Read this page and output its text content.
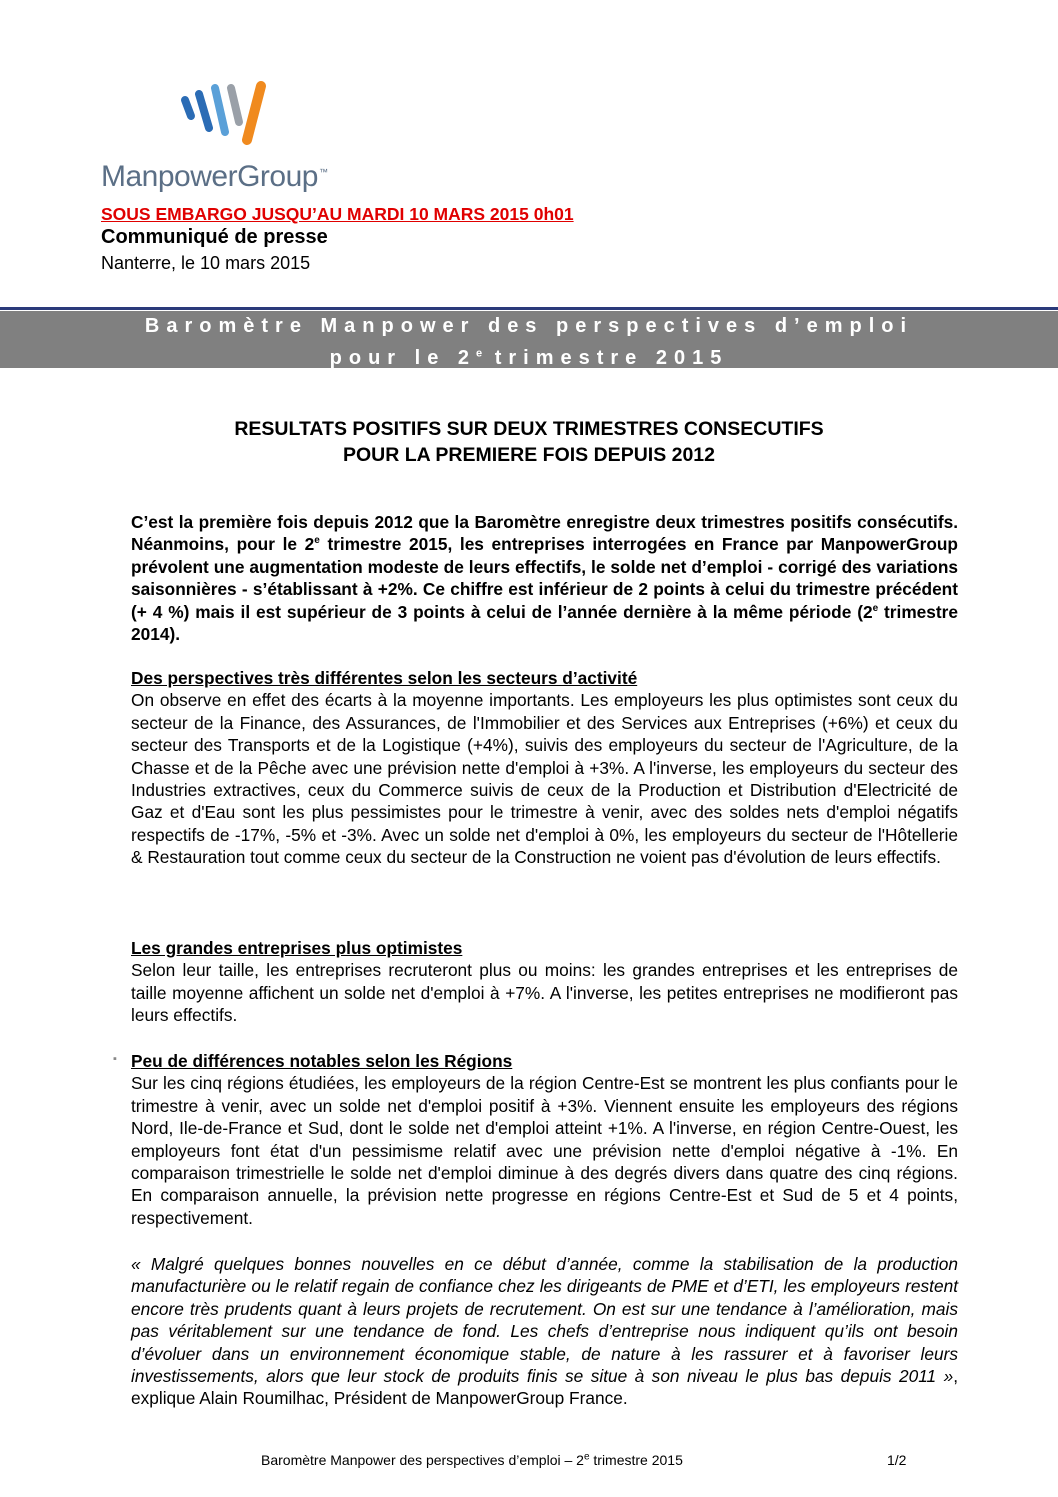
ManpowerGroup™
SOUS EMBARGO JUSQU’AU MARDI 10 MARS 2015 0h01
Communiqué de presse
Nanterre, le 10 mars 2015
Baromètre Manpower des perspectives d’emploi
pour le 2e trimestre 2015
RESULTATS POSITIFS SUR DEUX TRIMESTRES CONSECUTIFS
POUR LA PREMIERE FOIS DEPUIS 2012
C’est la première fois depuis 2012 que la Baromètre enregistre deux trimestres positifs consécutifs. Néanmoins, pour le 2e trimestre 2015, les entreprises interrogées en France par ManpowerGroup prévolent une augmentation modeste de leurs effectifs, le solde net d’emploi - corrigé des variations saisonnières - s’établissant à +2%. Ce chiffre est inférieur de 2 points à celui du trimestre précédent (+ 4 %) mais il est supérieur de 3 points à celui de l’année dernière à la même période (2e trimestre 2014).
Des perspectives très différentes selon les secteurs d’activité
On observe en effet des écarts à la moyenne importants. Les employeurs les plus optimistes sont ceux du secteur de la Finance, des Assurances, de l'Immobilier et des Services aux Entreprises (+6%) et ceux du secteur des Transports et de la Logistique (+4%), suivis des employeurs du secteur de l'Agriculture, de la Chasse et de la Pêche avec une prévision nette d'emploi à +3%. A l'inverse, les employeurs du secteur des Industries extractives, ceux du Commerce suivis de ceux de la Production et Distribution d'Electricité de Gaz et d'Eau sont les plus pessimistes pour le trimestre à venir, avec des soldes nets d'emploi négatifs respectifs de -17%, -5% et -3%. Avec un solde net d'emploi à 0%, les employeurs du secteur de l'Hôtellerie & Restauration tout comme ceux du secteur de la Construction ne voient pas d'évolution de leurs effectifs.
Les grandes entreprises plus optimistes
Selon leur taille, les entreprises recruteront plus ou moins: les grandes entreprises et les entreprises de taille moyenne affichent un solde net d'emploi à +7%. A l'inverse, les petites entreprises ne modifieront pas leurs effectifs.
▪ Peu de différences notables selon les Régions
Sur les cinq régions étudiées, les employeurs de la région Centre-Est se montrent les plus confiants pour le trimestre à venir, avec un solde net d'emploi positif à +3%. Viennent ensuite les employeurs des régions Nord, Ile-de-France et Sud, dont le solde net d'emploi atteint +1%. A l'inverse, en région Centre-Ouest, les employeurs font état d'un pessimisme relatif avec une prévision nette d'emploi négative à -1%. En comparaison trimestrielle le solde net d'emploi diminue à des degrés divers dans quatre des cinq régions. En comparaison annuelle, la prévision nette progresse en régions Centre-Est et Sud de 5 et 4 points, respectivement.
« Malgré quelques bonnes nouvelles en ce début d’année, comme la stabilisation de la production manufacturière ou le relatif regain de confiance chez les dirigeants de PME et d’ETI, les employeurs restent encore très prudents quant à leurs projets de recrutement. On est sur une tendance à l’amélioration, mais pas véritablement sur une tendance de fond. Les chefs d’entreprise nous indiquent qu’ils ont besoin d’évoluer dans un environnement économique stable, de nature à les rassurer et à favoriser leurs investissements, alors que leur stock de produits finis se situe à son niveau le plus bas depuis 2011 », explique Alain Roumilhac, Président de ManpowerGroup France.
Baromètre Manpower des perspectives d’emploi – 2e trimestre 2015	1/2
